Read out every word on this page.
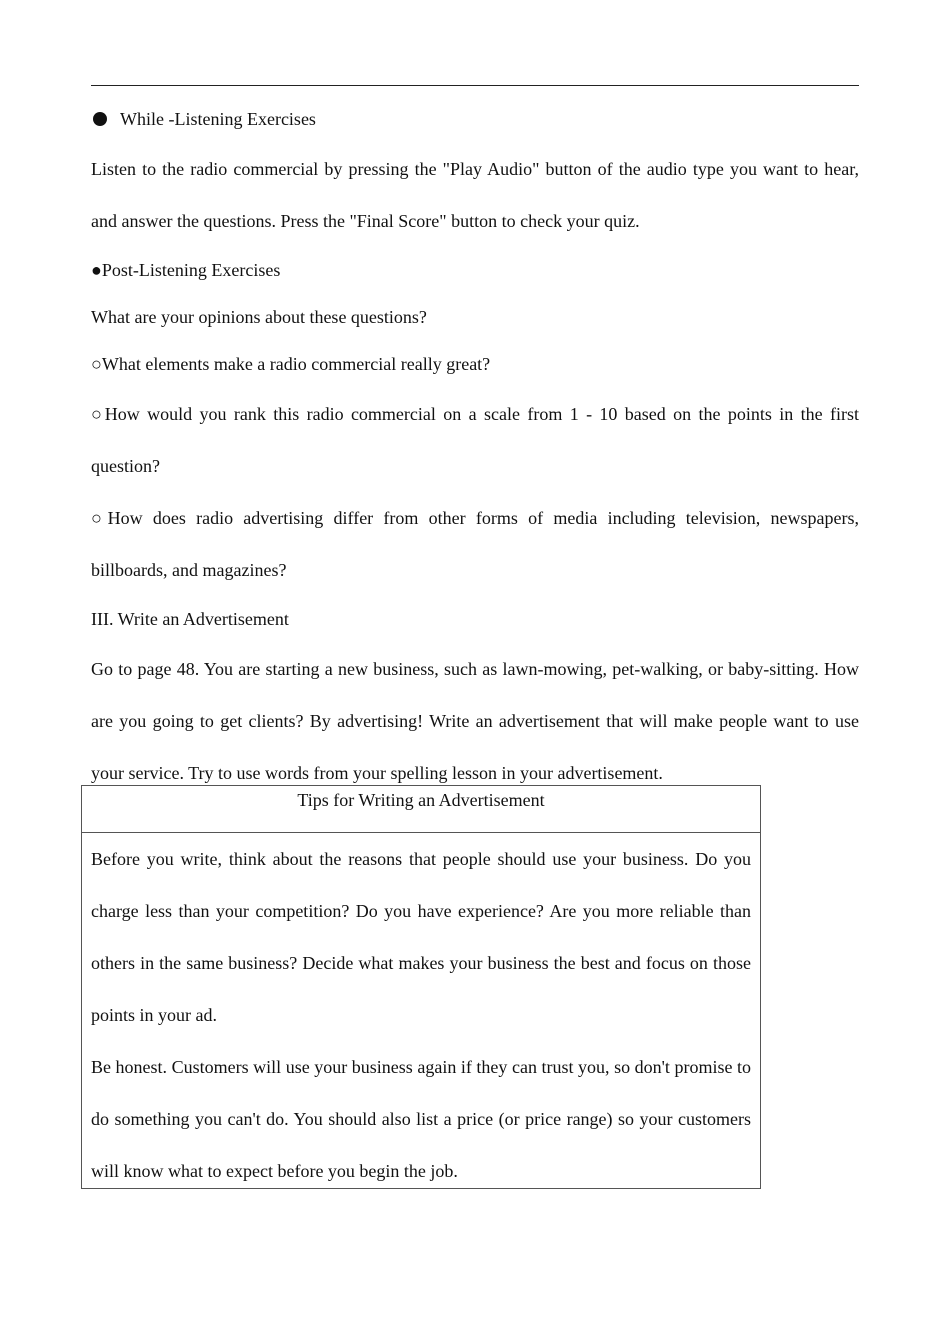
While -Listening Exercises

Listen to the radio commercial by pressing the "Play Audio" button of the audio type you want to hear, and answer the questions. Press the "Final Score" button to check your quiz.

●Post-Listening Exercises

What are your opinions about these questions?

○What elements make a radio commercial really great?

○How would you rank this radio commercial on a scale from 1 - 10 based on the points in the first question?

○How does radio advertising differ from other forms of media including television, newspapers, billboards, and magazines?

III. Write an Advertisement

Go to page 48. You are starting a new business, such as lawn-mowing, pet-walking, or baby-sitting. How are you going to get clients? By advertising! Write an advertisement that will make people want to use your service. Try to use words from your spelling lesson in your advertisement.

Tips for Writing an Advertisement

Before you write, think about the reasons that people should use your business. Do you charge less than your competition? Do you have experience? Are you more reliable than others in the same business? Decide what makes your business the best and focus on those points in your ad.

Be honest. Customers will use your business again if they can trust you, so don't promise to do something you can't do. You should also list a price (or price range) so your customers will know what to expect before you begin the job.
